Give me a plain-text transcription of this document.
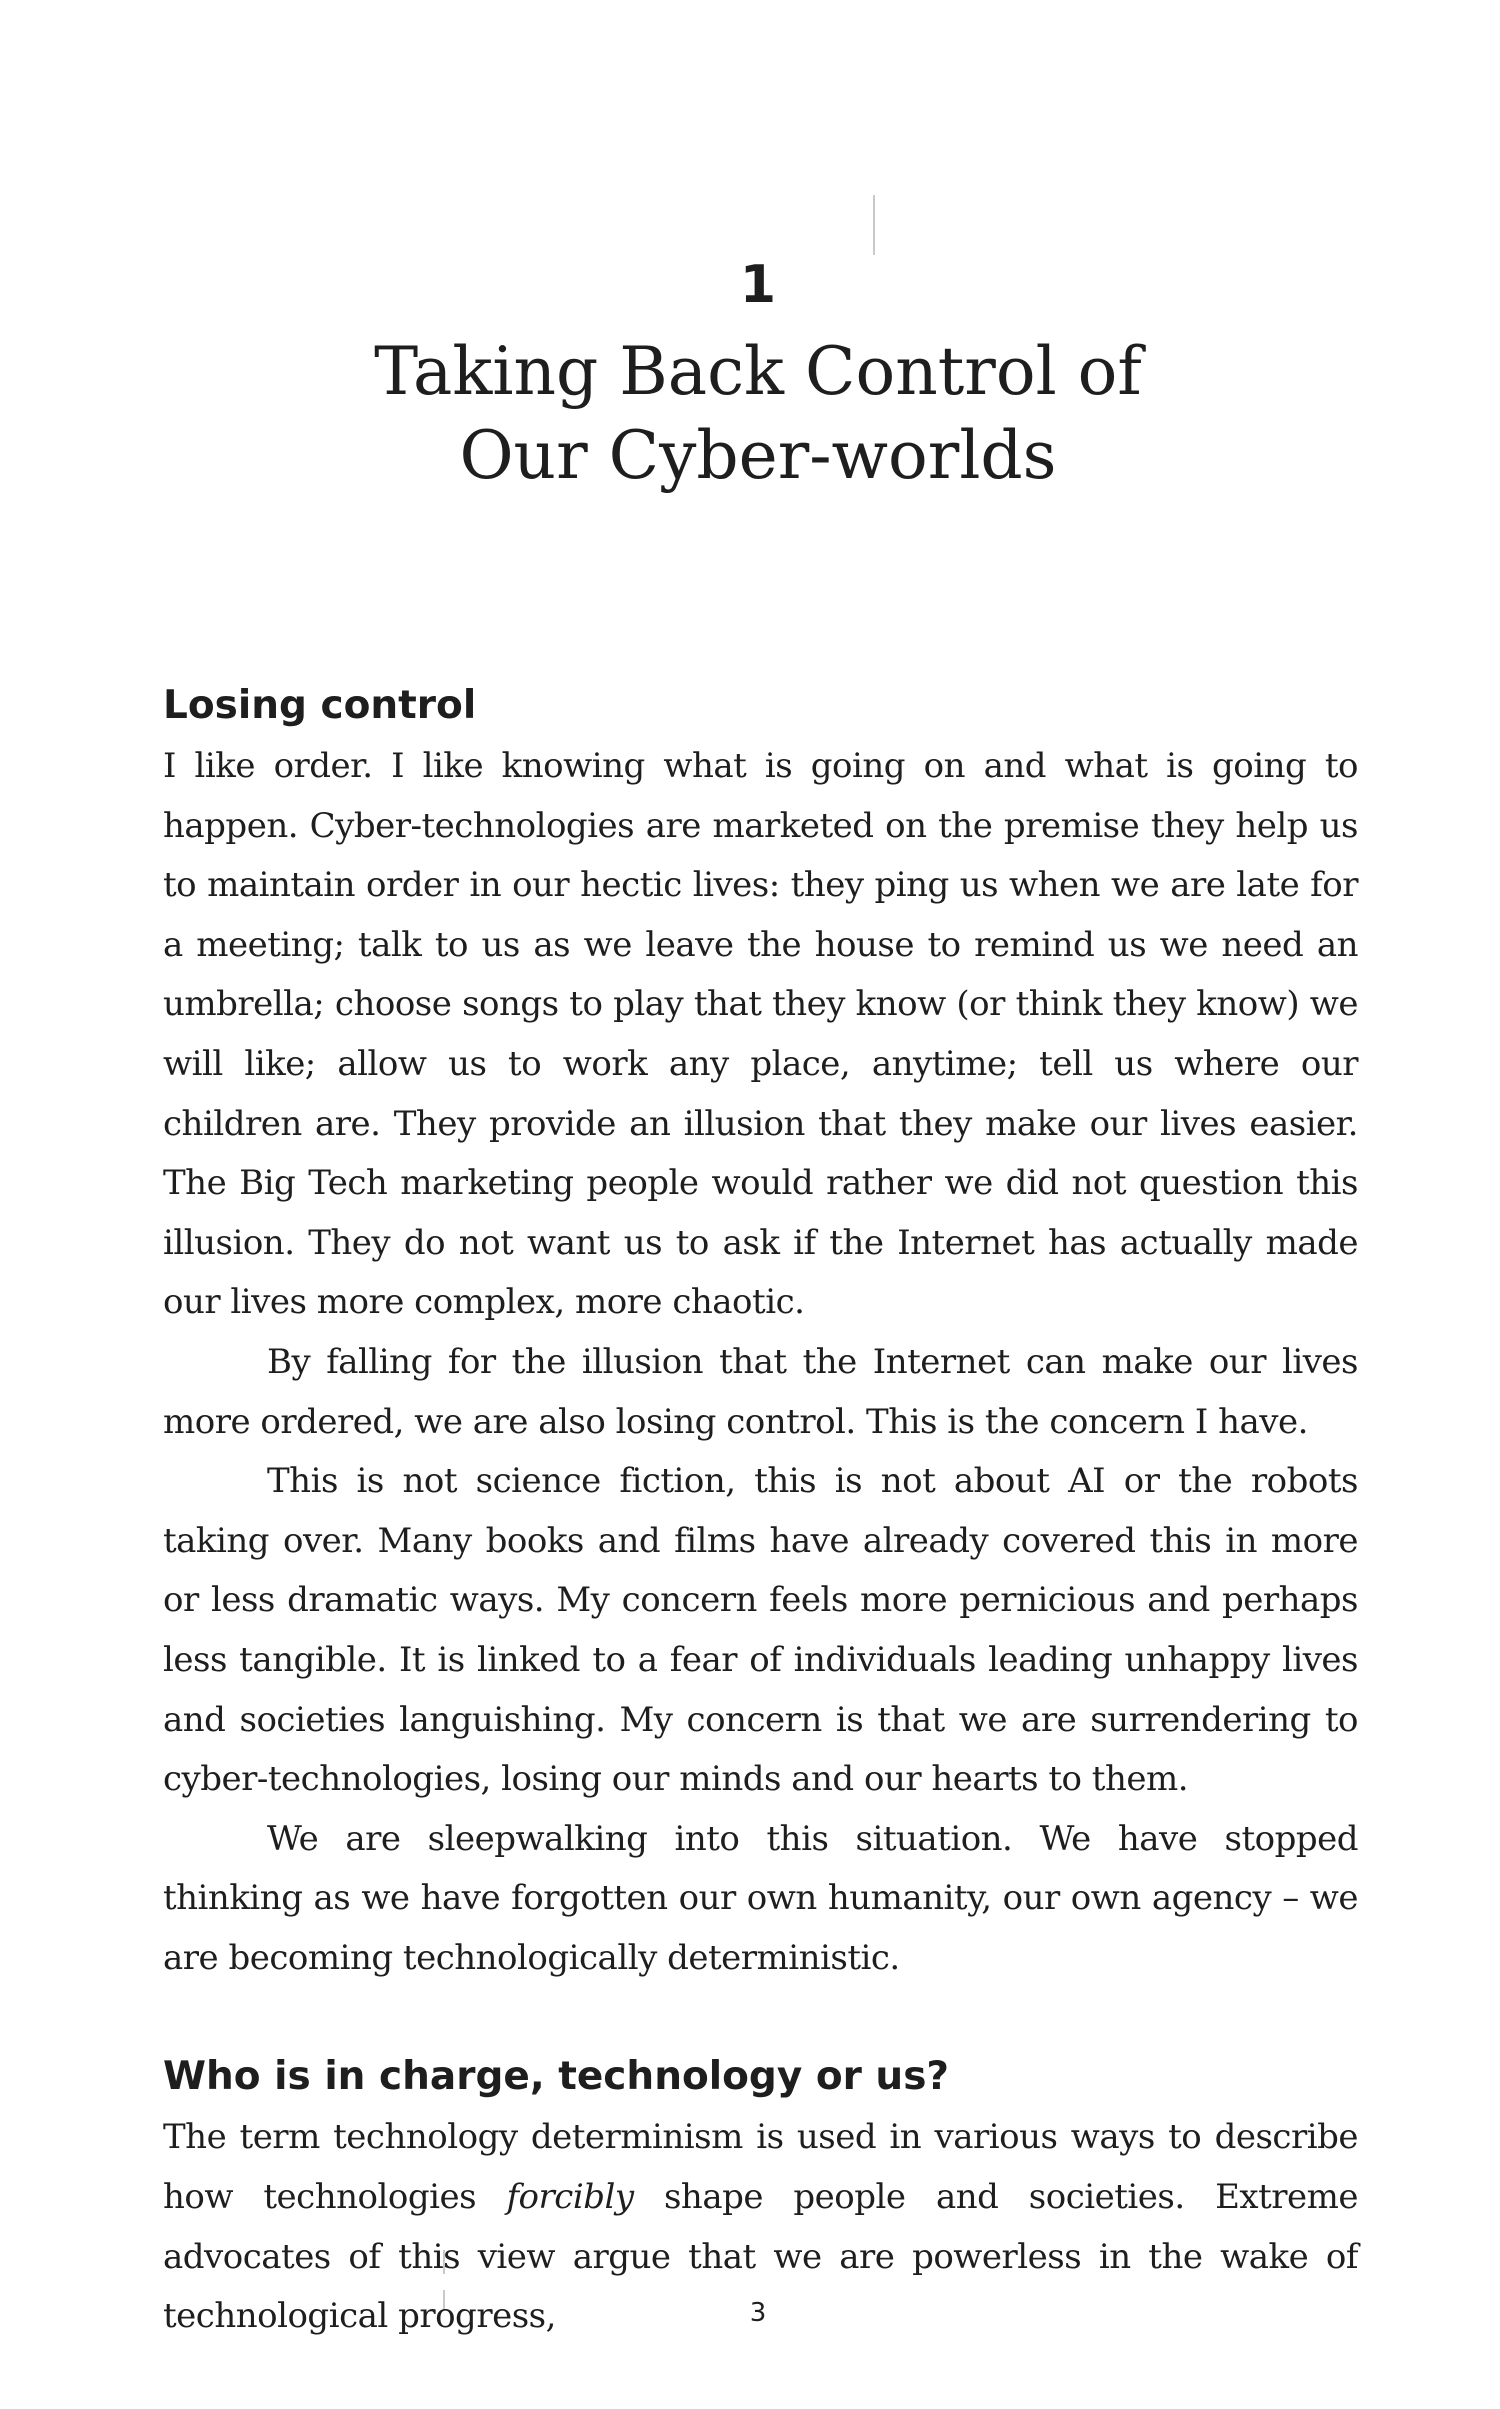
1
Taking Back Control of
Our Cyber-worlds
Losing control

I like order. I like knowing what is going on and what is going to happen. Cyber-technologies are marketed on the premise they help us to maintain order in our hectic lives: they ping us when we are late for a meeting; talk to us as we leave the house to remind us we need an umbrella; choose songs to play that they know (or think they know) we will like; allow us to work any place, anytime; tell us where our children are. They provide an illusion that they make our lives easier. The Big Tech marketing people would rather we did not question this illusion. They do not want us to ask if the Internet has actually made our lives more complex, more chaotic.

By falling for the illusion that the Internet can make our lives more ordered, we are also losing control. This is the concern I have.

This is not science fiction, this is not about AI or the robots taking over. Many books and films have already covered this in more or less dramatic ways. My concern feels more pernicious and perhaps less tangible. It is linked to a fear of individuals leading unhappy lives and societies languishing. My concern is that we are surrendering to cyber-technologies, losing our minds and our hearts to them.

We are sleepwalking into this situation. We have stopped thinking as we have forgotten our own humanity, our own agency – we are becoming technologically deterministic.

Who is in charge, technology or us?

The term technology determinism is used in various ways to describe how technologies forcibly shape people and societies. Extreme advocates of this view argue that we are powerless in the wake of technological progress,	3
